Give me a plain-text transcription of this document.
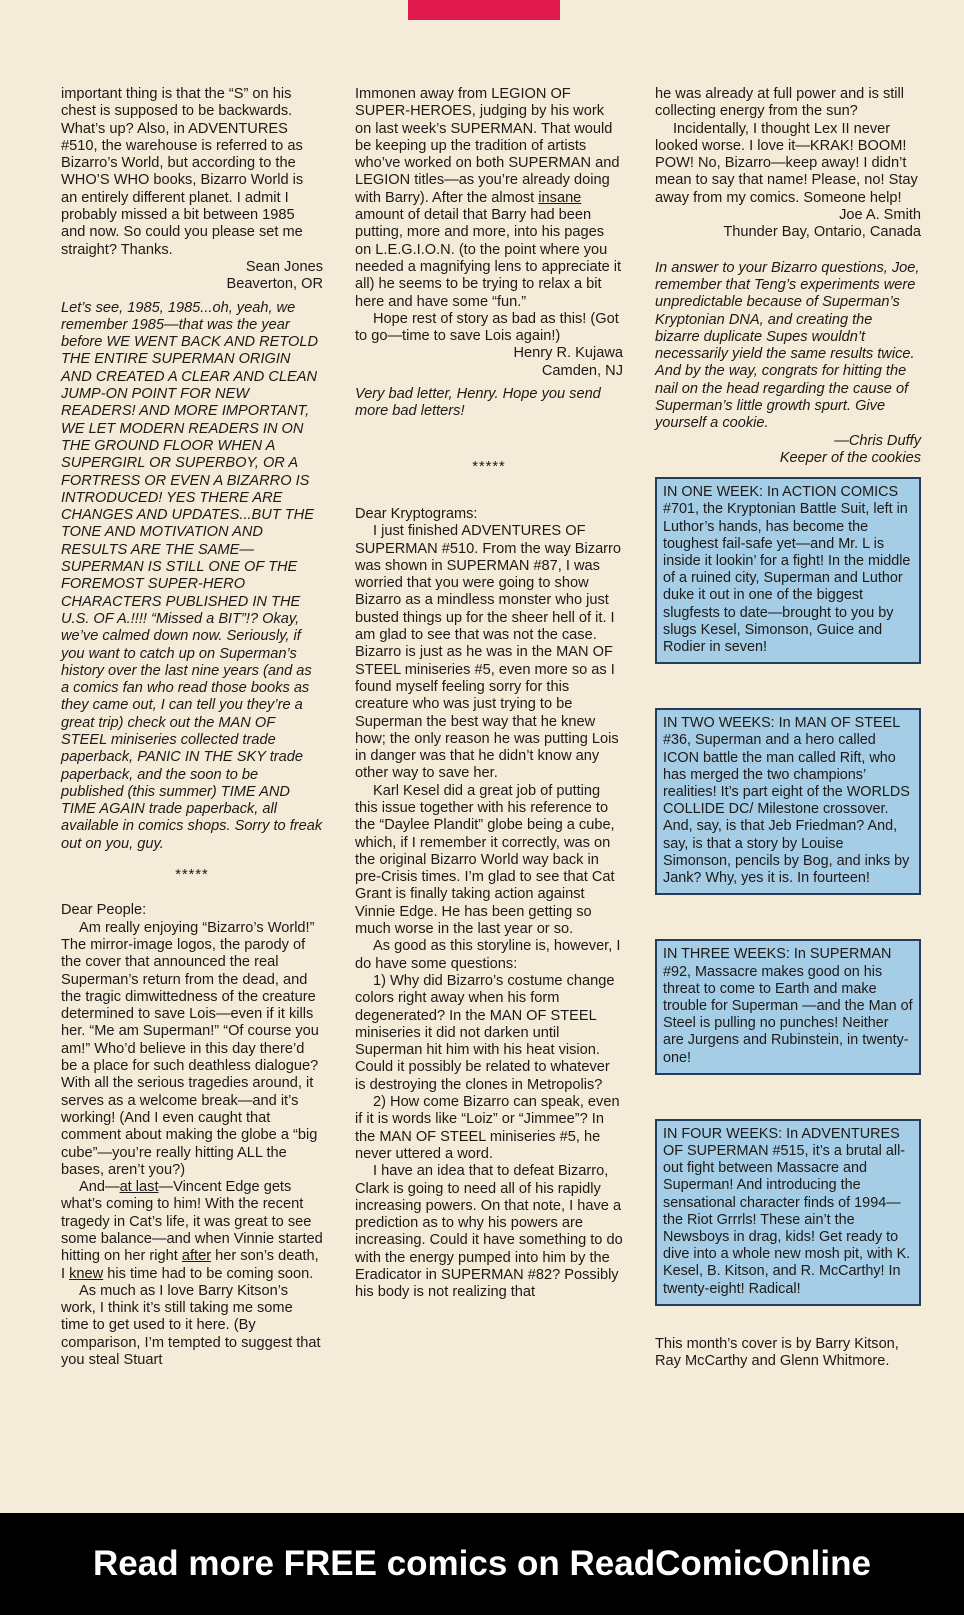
important thing is that the “S” on his chest is supposed to be backwards. What’s up? Also, in ADVENTURES #510, the warehouse is referred to as Bizarro’s World, but according to the WHO’S WHO books, Bizarro World is an entirely different planet. I admit I probably missed a bit between 1985 and now. So could you please set me straight? Thanks.

Sean Jones

Beaverton, OR

Let’s see, 1985, 1985...oh, yeah, we remember 1985—that was the year before WE WENT BACK AND RETOLD THE ENTIRE SUPERMAN ORIGIN AND CREATED A CLEAR AND CLEAN JUMP-ON POINT FOR NEW READERS! AND MORE IMPORTANT, WE LET MODERN READERS IN ON THE GROUND FLOOR WHEN A SUPERGIRL OR SUPERBOY, OR A FORTRESS OR EVEN A BIZARRO IS INTRODUCED! YES THERE ARE CHANGES AND UPDATES...BUT THE TONE AND MOTIVATION AND RESULTS ARE THE SAME—SUPERMAN IS STILL ONE OF THE FOREMOST SUPER-HERO CHARACTERS PUBLISHED IN THE U.S. OF A.!!!! “Missed a BIT”!? Okay, we’ve calmed down now. Seriously, if you want to catch up on Superman’s history over the last nine years (and as a comics fan who read those books as they came out, I can tell you they’re a great trip) check out the MAN OF STEEL miniseries collected trade paperback, PANIC IN THE SKY trade paperback, and the soon to be published (this summer) TIME AND TIME AGAIN trade paperback, all available in comics shops. Sorry to freak out on you, guy.

*****

Dear People:

Am really enjoying “Bizarro’s World!” The mirror-image logos, the parody of the cover that announced the real Superman’s return from the dead, and the tragic dimwittedness of the creature determined to save Lois—even if it kills her. “Me am Superman!” “Of course you am!” Who’d believe in this day there’d be a place for such deathless dialogue? With all the serious tragedies around, it serves as a welcome break—and it’s working! (And I even caught that comment about making the globe a “big cube”—you’re really hitting ALL the bases, aren’t you?)

And—at last—Vincent Edge gets what’s coming to him! With the recent tragedy in Cat’s life, it was great to see some balance—and when Vinnie started hitting on her right after her son’s death, I knew his time had to be coming soon.

As much as I love Barry Kitson’s work, I think it’s still taking me some time to get used to it here. (By comparison, I’m tempted to suggest that you steal Stuart

Immonen away from LEGION OF SUPER-HEROES, judging by his work on last week’s SUPERMAN. That would be keeping up the tradition of artists who’ve worked on both SUPERMAN and LEGION titles—as you’re already doing with Barry). After the almost insane amount of detail that Barry had been putting, more and more, into his pages on L.E.G.I.O.N. (to the point where you needed a magnifying lens to appreciate it all) he seems to be trying to relax a bit here and have some “fun.”

Hope rest of story as bad as this! (Got to go—time to save Lois again!)

Henry R. Kujawa

Camden, NJ

Very bad letter, Henry. Hope you send more bad letters!

*****

Dear Kryptograms:

I just finished ADVENTURES OF SUPERMAN #510. From the way Bizarro was shown in SUPERMAN #87, I was worried that you were going to show Bizarro as a mindless monster who just busted things up for the sheer hell of it. I am glad to see that was not the case. Bizarro is just as he was in the MAN OF STEEL miniseries #5, even more so as I found myself feeling sorry for this creature who was just trying to be Superman the best way that he knew how; the only reason he was putting Lois in danger was that he didn’t know any other way to save her.

Karl Kesel did a great job of putting this issue together with his reference to the “Daylee Plandit” globe being a cube, which, if I remember it correctly, was on the original Bizarro World way back in pre-Crisis times. I’m glad to see that Cat Grant is finally taking action against Vinnie Edge. He has been getting so much worse in the last year or so.

As good as this storyline is, however, I do have some questions:

1) Why did Bizarro’s costume change colors right away when his form degenerated? In the MAN OF STEEL miniseries it did not darken until Superman hit him with his heat vision. Could it possibly be related to whatever is destroying the clones in Metropolis?

2) How come Bizarro can speak, even if it is words like “Loiz” or “Jimmee”? In the MAN OF STEEL miniseries #5, he never uttered a word.

I have an idea that to defeat Bizarro, Clark is going to need all of his rapidly increasing powers. On that note, I have a prediction as to why his powers are increasing. Could it have something to do with the energy pumped into him by the Eradicator in SUPERMAN #82? Possibly his body is not realizing that

he was already at full power and is still collecting energy from the sun?

Incidentally, I thought Lex II never looked worse. I love it—KRAK! BOOM! POW! No, Bizarro—keep away! I didn’t mean to say that name! Please, no! Stay away from my comics. Someone help!

Joe A. Smith

Thunder Bay, Ontario, Canada

In answer to your Bizarro questions, Joe, remember that Teng’s experiments were unpredictable because of Superman’s Kryptonian DNA, and creating the bizarre duplicate Supes wouldn’t necessarily yield the same results twice. And by the way, congrats for hitting the nail on the head regarding the cause of Superman’s little growth spurt. Give yourself a cookie.

—Chris Duffy

Keeper of the cookies

IN ONE WEEK: In ACTION COMICS #701, the Kryptonian Battle Suit, left in Luthor’s hands, has become the toughest fail-safe yet—and Mr. L is inside it lookin’ for a fight! In the middle of a ruined city, Superman and Luthor duke it out in one of the biggest slugfests to date—brought to you by slugs Kesel, Simonson, Guice and Rodier in seven!
IN TWO WEEKS: In MAN OF STEEL #36, Superman and a hero called ICON battle the man called Rift, who has merged the two champions’ realities! It’s part eight of the WORLDS COLLIDE DC/ Milestone crossover. And, say, is that Jeb Friedman? And, say, is that a story by Louise Simonson, pencils by Bog, and inks by Jank? Why, yes it is. In fourteen!
IN THREE WEEKS: In SUPERMAN #92, Massacre makes good on his threat to come to Earth and make trouble for Superman —and the Man of Steel is pulling no punches! Neither are Jurgens and Rubinstein, in twenty-one!
IN FOUR WEEKS: In ADVENTURES OF SUPERMAN #515, it’s a brutal all-out fight between Massacre and Superman! And introducing the sensational character finds of 1994—the Riot Grrrls! These ain’t the Newsboys in drag, kids! Get ready to dive into a whole new mosh pit, with K. Kesel, B. Kitson, and R. McCarthy! In twenty-eight! Radical!

This month’s cover is by Barry Kitson, Ray McCarthy and Glenn Whitmore.

Read more FREE comics on ReadComicOnline
